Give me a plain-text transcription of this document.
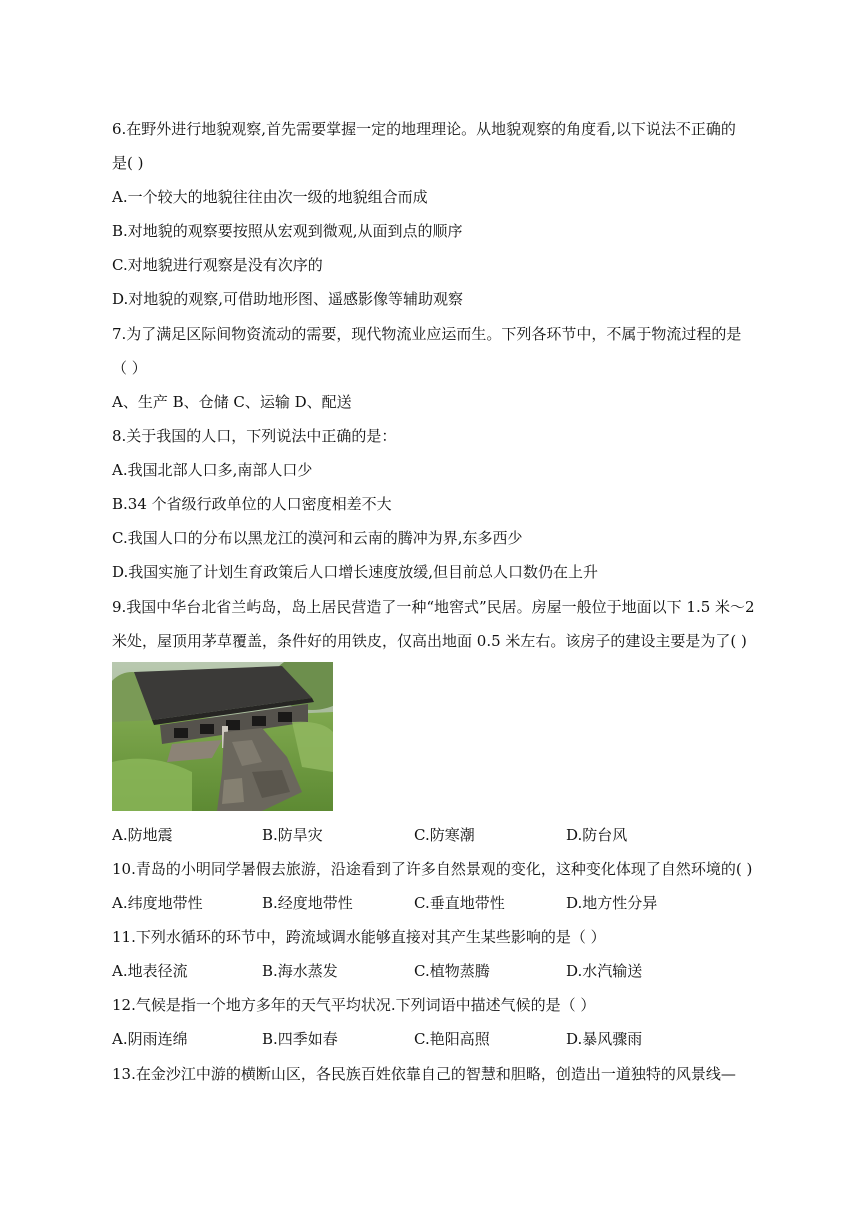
6.在野外进行地貌观察,首先需要掌握一定的地理理论。从地貌观察的角度看,以下说法不正确的
是( )
A.一个较大的地貌往往由次一级的地貌组合而成
B.对地貌的观察要按照从宏观到微观,从面到点的顺序
C.对地貌进行观察是没有次序的
D.对地貌的观察,可借助地形图、遥感影像等辅助观察
7.为了满足区际间物资流动的需要，现代物流业应运而生。下列各环节中，不属于物流过程的是
（ ）
A、生产 B、仓储 C、运输 D、配送
8.关于我国的人口，下列说法中正确的是：
A.我国北部人口多,南部人口少
B.34 个省级行政单位的人口密度相差不大
C.我国人口的分布以黑龙江的漠河和云南的腾冲为界,东多西少
D.我国实施了计划生育政策后人口增长速度放缓,但目前总人口数仍在上升
9.我国中华台北省兰屿岛，岛上居民营造了一种“地窖式”民居。房屋一般位于地面以下 1.5 米～2
米处，屋顶用茅草覆盖，条件好的用铁皮，仅高出地面 0.5 米左右。该房子的建设主要是为了( )
A.防地震	B.防旱灾	C.防寒潮	D.防台风
10.青岛的小明同学暑假去旅游，沿途看到了许多自然景观的变化，这种变化体现了自然环境的( )
A.纬度地带性	B.经度地带性	C.垂直地带性	D.地方性分异
11.下列水循环的环节中，跨流域调水能够直接对其产生某些影响的是（ ）
A.地表径流	B.海水蒸发	C.植物蒸腾	D.水汽输送
12.气候是指一个地方多年的天气平均状况.下列词语中描述气候的是（ ）
A.阴雨连绵	B.四季如春	C.艳阳高照	D.暴风骤雨
13.在金沙江中游的横断山区，各民族百姓依靠自己的智慧和胆略，创造出一道独特的风景线—
